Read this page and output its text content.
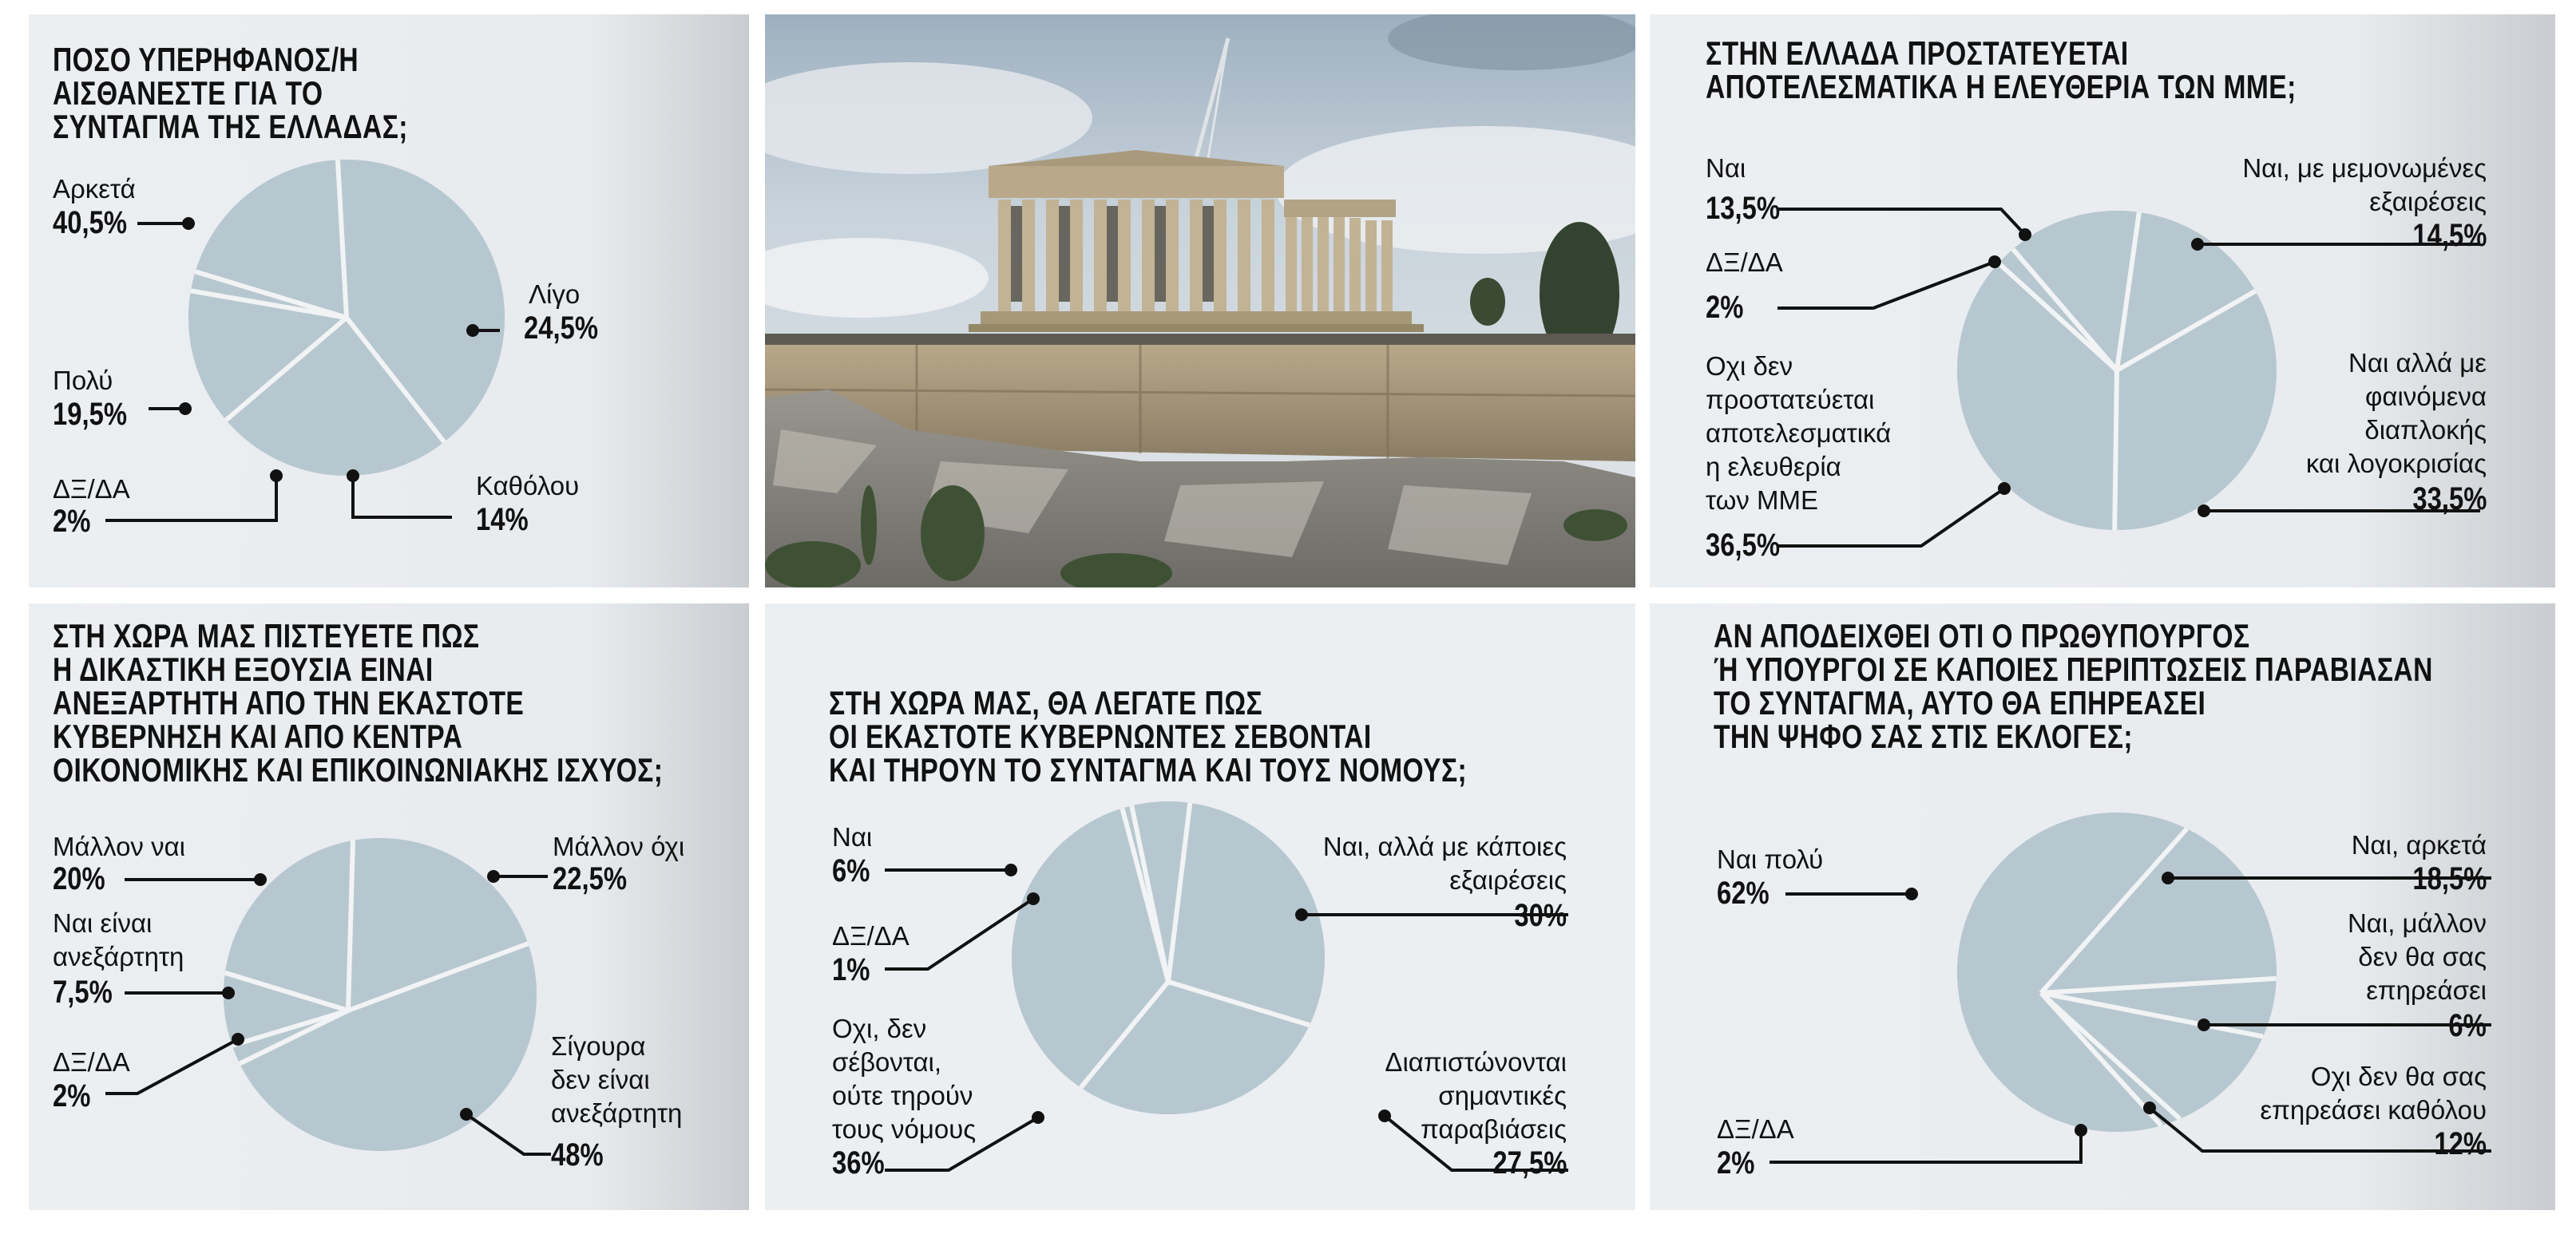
ΠΟΣΟ ΥΠΕΡΗΦΑΝΟΣ/Η
ΑΙΣΘΑΝΕΣΤΕ ΓΙΑ ΤΟ
ΣΥΝΤΑΓΜΑ ΤΗΣ ΕΛΛΑΔΑΣ;
Αρκετά
40,5%
Λίγο
24,5%
Πολύ
19,5%
ΔΞ/ΔΑ
2%
Καθόλου
14%
ΣΤΗΝ ΕΛΛΑΔΑ ΠΡΟΣΤΑΤΕΥΕΤΑΙ
ΑΠΟΤΕΛΕΣΜΑΤΙΚΑ Η ΕΛΕΥΘΕΡΙΑ ΤΩΝ ΜΜΕ;
Ναι
13,5%
Ναι, με μεμονωμένες
εξαιρέσεις
14,5%
ΔΞ/ΔΑ
2%
Οχι δεν
προστατεύεται
αποτελεσματικά
η ελευθερία
των ΜΜΕ
36,5%
Ναι αλλά με
φαινόμενα
διαπλοκής
και λογοκρισίας
33,5%
ΣΤΗ ΧΩΡΑ ΜΑΣ ΠΙΣΤΕΥΕΤΕ ΠΩΣ
Η ΔΙΚΑΣΤΙΚΗ ΕΞΟΥΣΙΑ ΕΙΝΑΙ
ΑΝΕΞΑΡΤΗΤΗ ΑΠΟ ΤΗΝ ΕΚΑΣΤΟΤΕ
ΚΥΒΕΡΝΗΣΗ ΚΑΙ ΑΠΟ ΚΕΝΤΡΑ
ΟΙΚΟΝΟΜΙΚΗΣ ΚΑΙ ΕΠΙΚΟΙΝΩΝΙΑΚΗΣ ΙΣΧΥΟΣ;
Μάλλον ναι
20%
Μάλλον όχι
22,5%
Ναι είναι
ανεξάρτητη
7,5%
ΔΞ/ΔΑ
2%
Σίγουρα
δεν είναι
ανεξάρτητη
48%
ΣΤΗ ΧΩΡΑ ΜΑΣ, ΘΑ ΛΕΓΑΤΕ ΠΩΣ
ΟΙ ΕΚΑΣΤΟΤΕ ΚΥΒΕΡΝΩΝΤΕΣ ΣΕΒΟΝΤΑΙ
ΚΑΙ ΤΗΡΟΥΝ ΤΟ ΣΥΝΤΑΓΜΑ ΚΑΙ ΤΟΥΣ ΝΟΜΟΥΣ;
Ναι
6%
Ναι, αλλά με κάποιες
εξαιρέσεις
30%
ΔΞ/ΔΑ
1%
Οχι, δεν
σέβονται,
ούτε τηρούν
τους νόμους
36%
Διαπιστώνονται
σημαντικές
παραβιάσεις
27,5%
ΑΝ ΑΠΟΔΕΙΧΘΕΙ ΟΤΙ Ο ΠΡΩΘΥΠΟΥΡΓΟΣ
Ή ΥΠΟΥΡΓΟΙ ΣΕ ΚΑΠΟΙΕΣ ΠΕΡΙΠΤΩΣΕΙΣ ΠΑΡΑΒΙΑΣΑΝ
ΤΟ ΣΥΝΤΑΓΜΑ, ΑΥΤΟ ΘΑ ΕΠΗΡΕΑΣΕΙ
ΤΗΝ ΨΗΦΟ ΣΑΣ ΣΤΙΣ ΕΚΛΟΓΕΣ;
Ναι πολύ
62%
Ναι, αρκετά
18,5%
Ναι, μάλλον
δεν θα σας
επηρεάσει
6%
Οχι δεν θα σας
επηρεάσει καθόλου
12%
ΔΞ/ΔΑ
2%
